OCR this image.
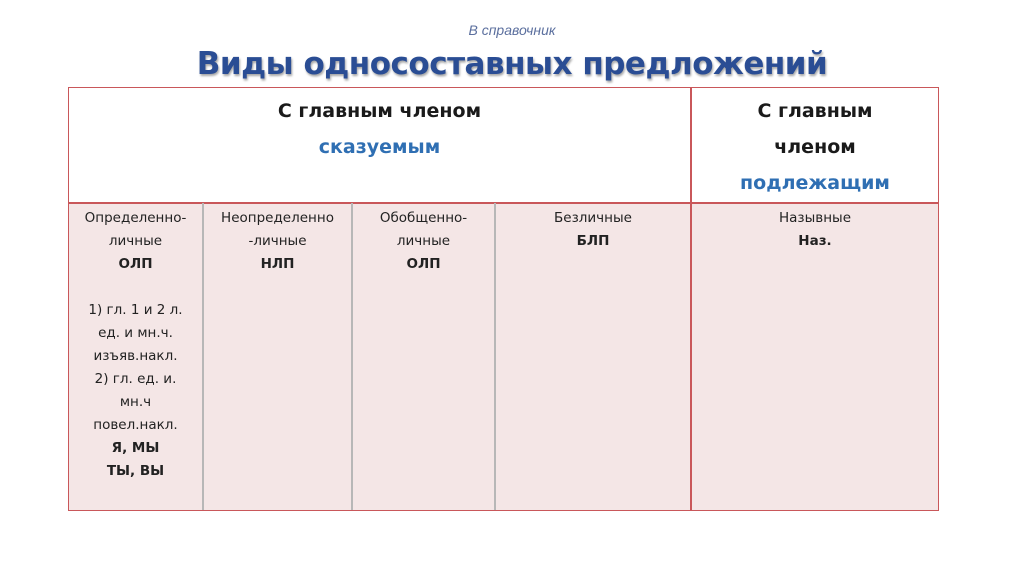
В справочник
Виды односоставных предложений
С главным членом
сказуемым
С главным
членом
подлежащим
Определенно-
личные
ОЛП
1) гл. 1 и 2 л.
ед. и мн.ч.
изъяв.накл.
2) гл. ед. и.
мн.ч
повел.накл.
Я, МЫ
ТЫ, ВЫ
Неопределенно
-личные
НЛП
Обобщенно-
личные
ОЛП
Безличные
БЛП
Назывные
Наз.
